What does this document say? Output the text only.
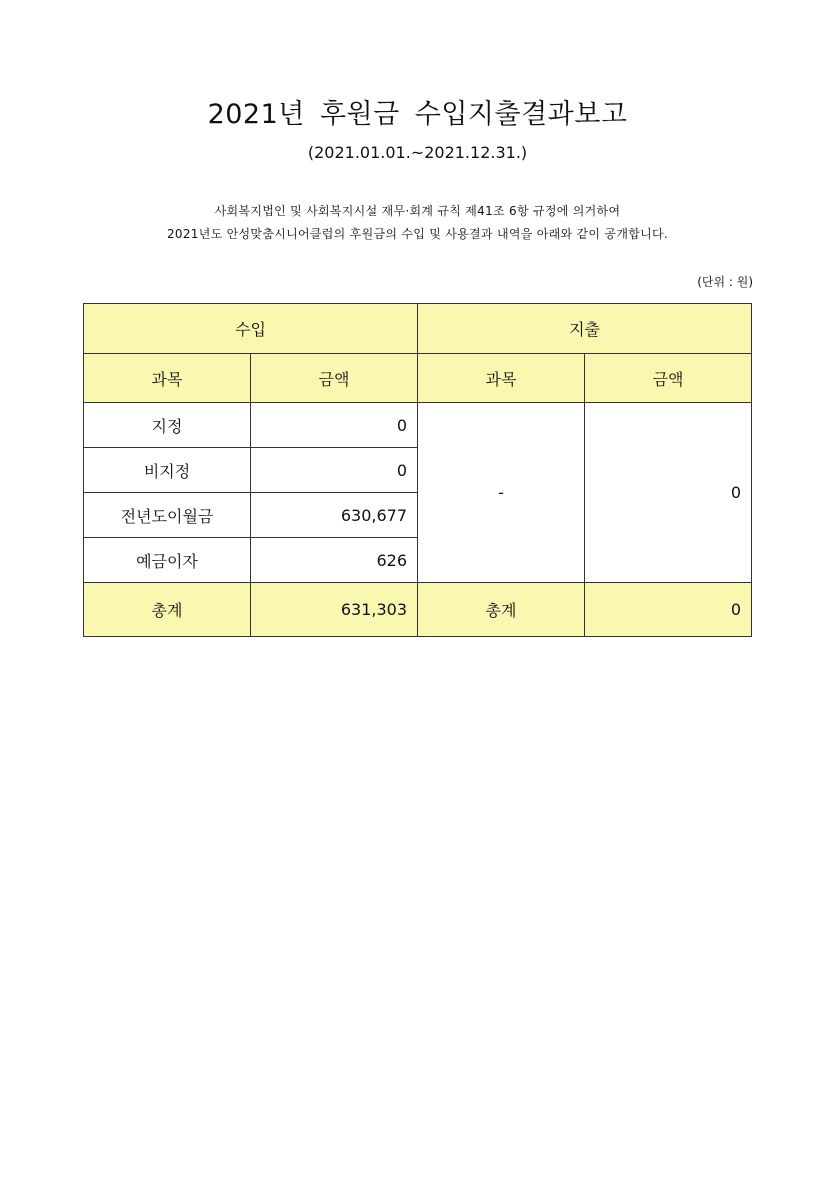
2021년 후원금 수입지출결과보고
(2021.01.01.~2021.12.31.)
사회복지법인 및 사회복지시설 재무·회계 규칙 제41조 6항 규정에 의거하여
2021년도 안성맞춤시니어클럽의 후원금의 수입 및 사용결과 내역을 아래와 같이 공개합니다.
(단위 : 원)
수입		지출	
과목	금액	과목	금액
지정	0	-	0
비지정	0		
전년도이월금	630,677		
예금이자	626		
총계	631,303	총계	0
